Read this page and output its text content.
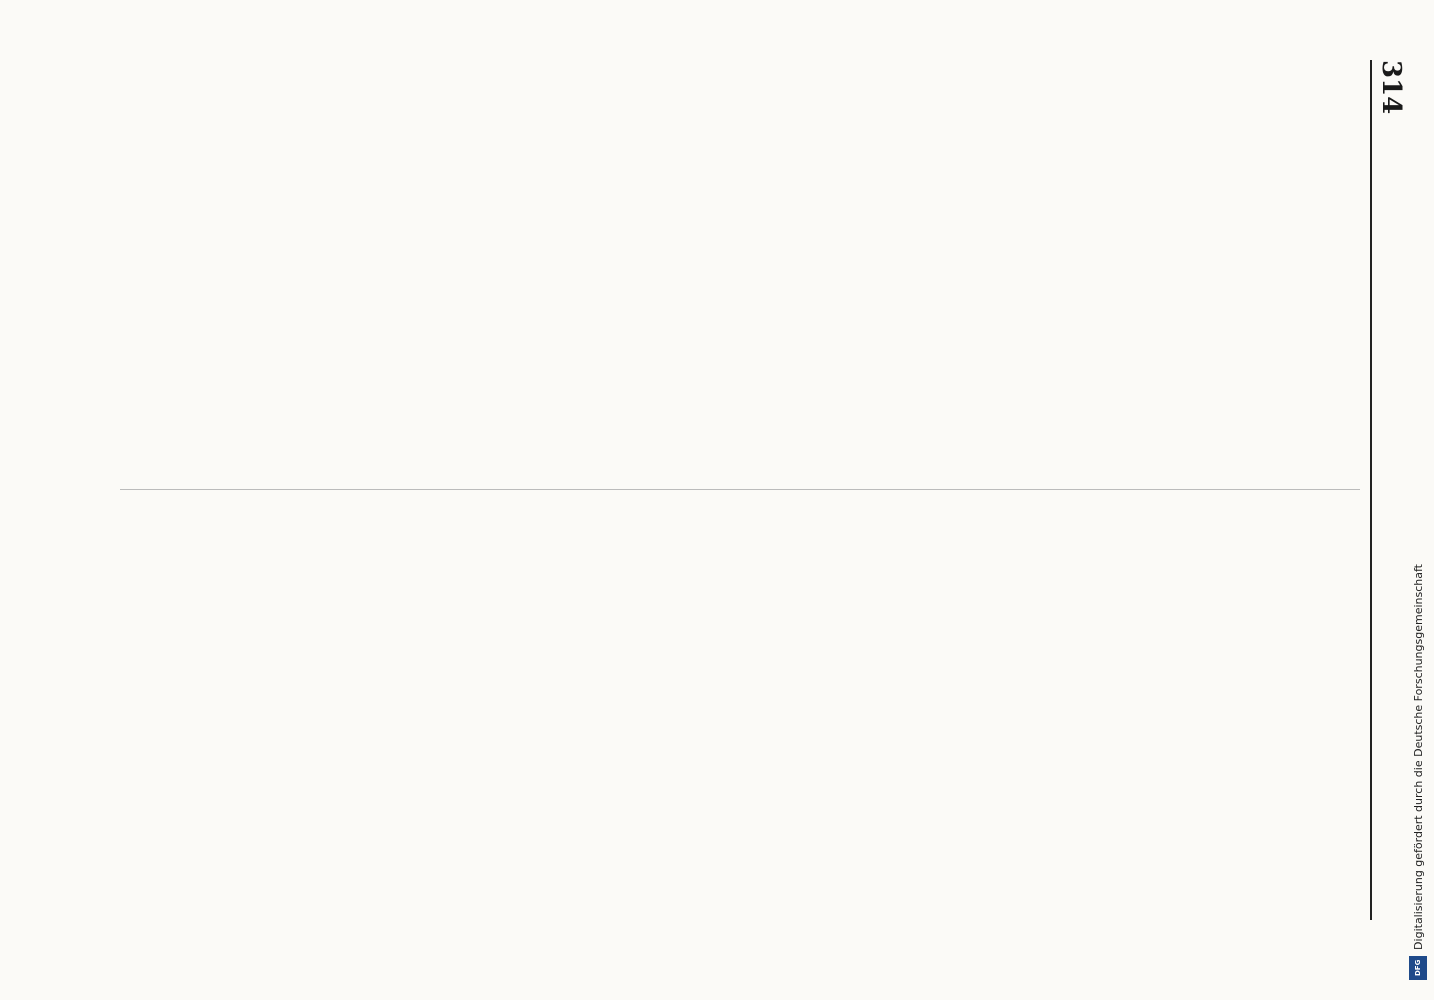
314
Digitalisierung gefördert durch die Deutsche Forschungsgemeinschaft
DFG
